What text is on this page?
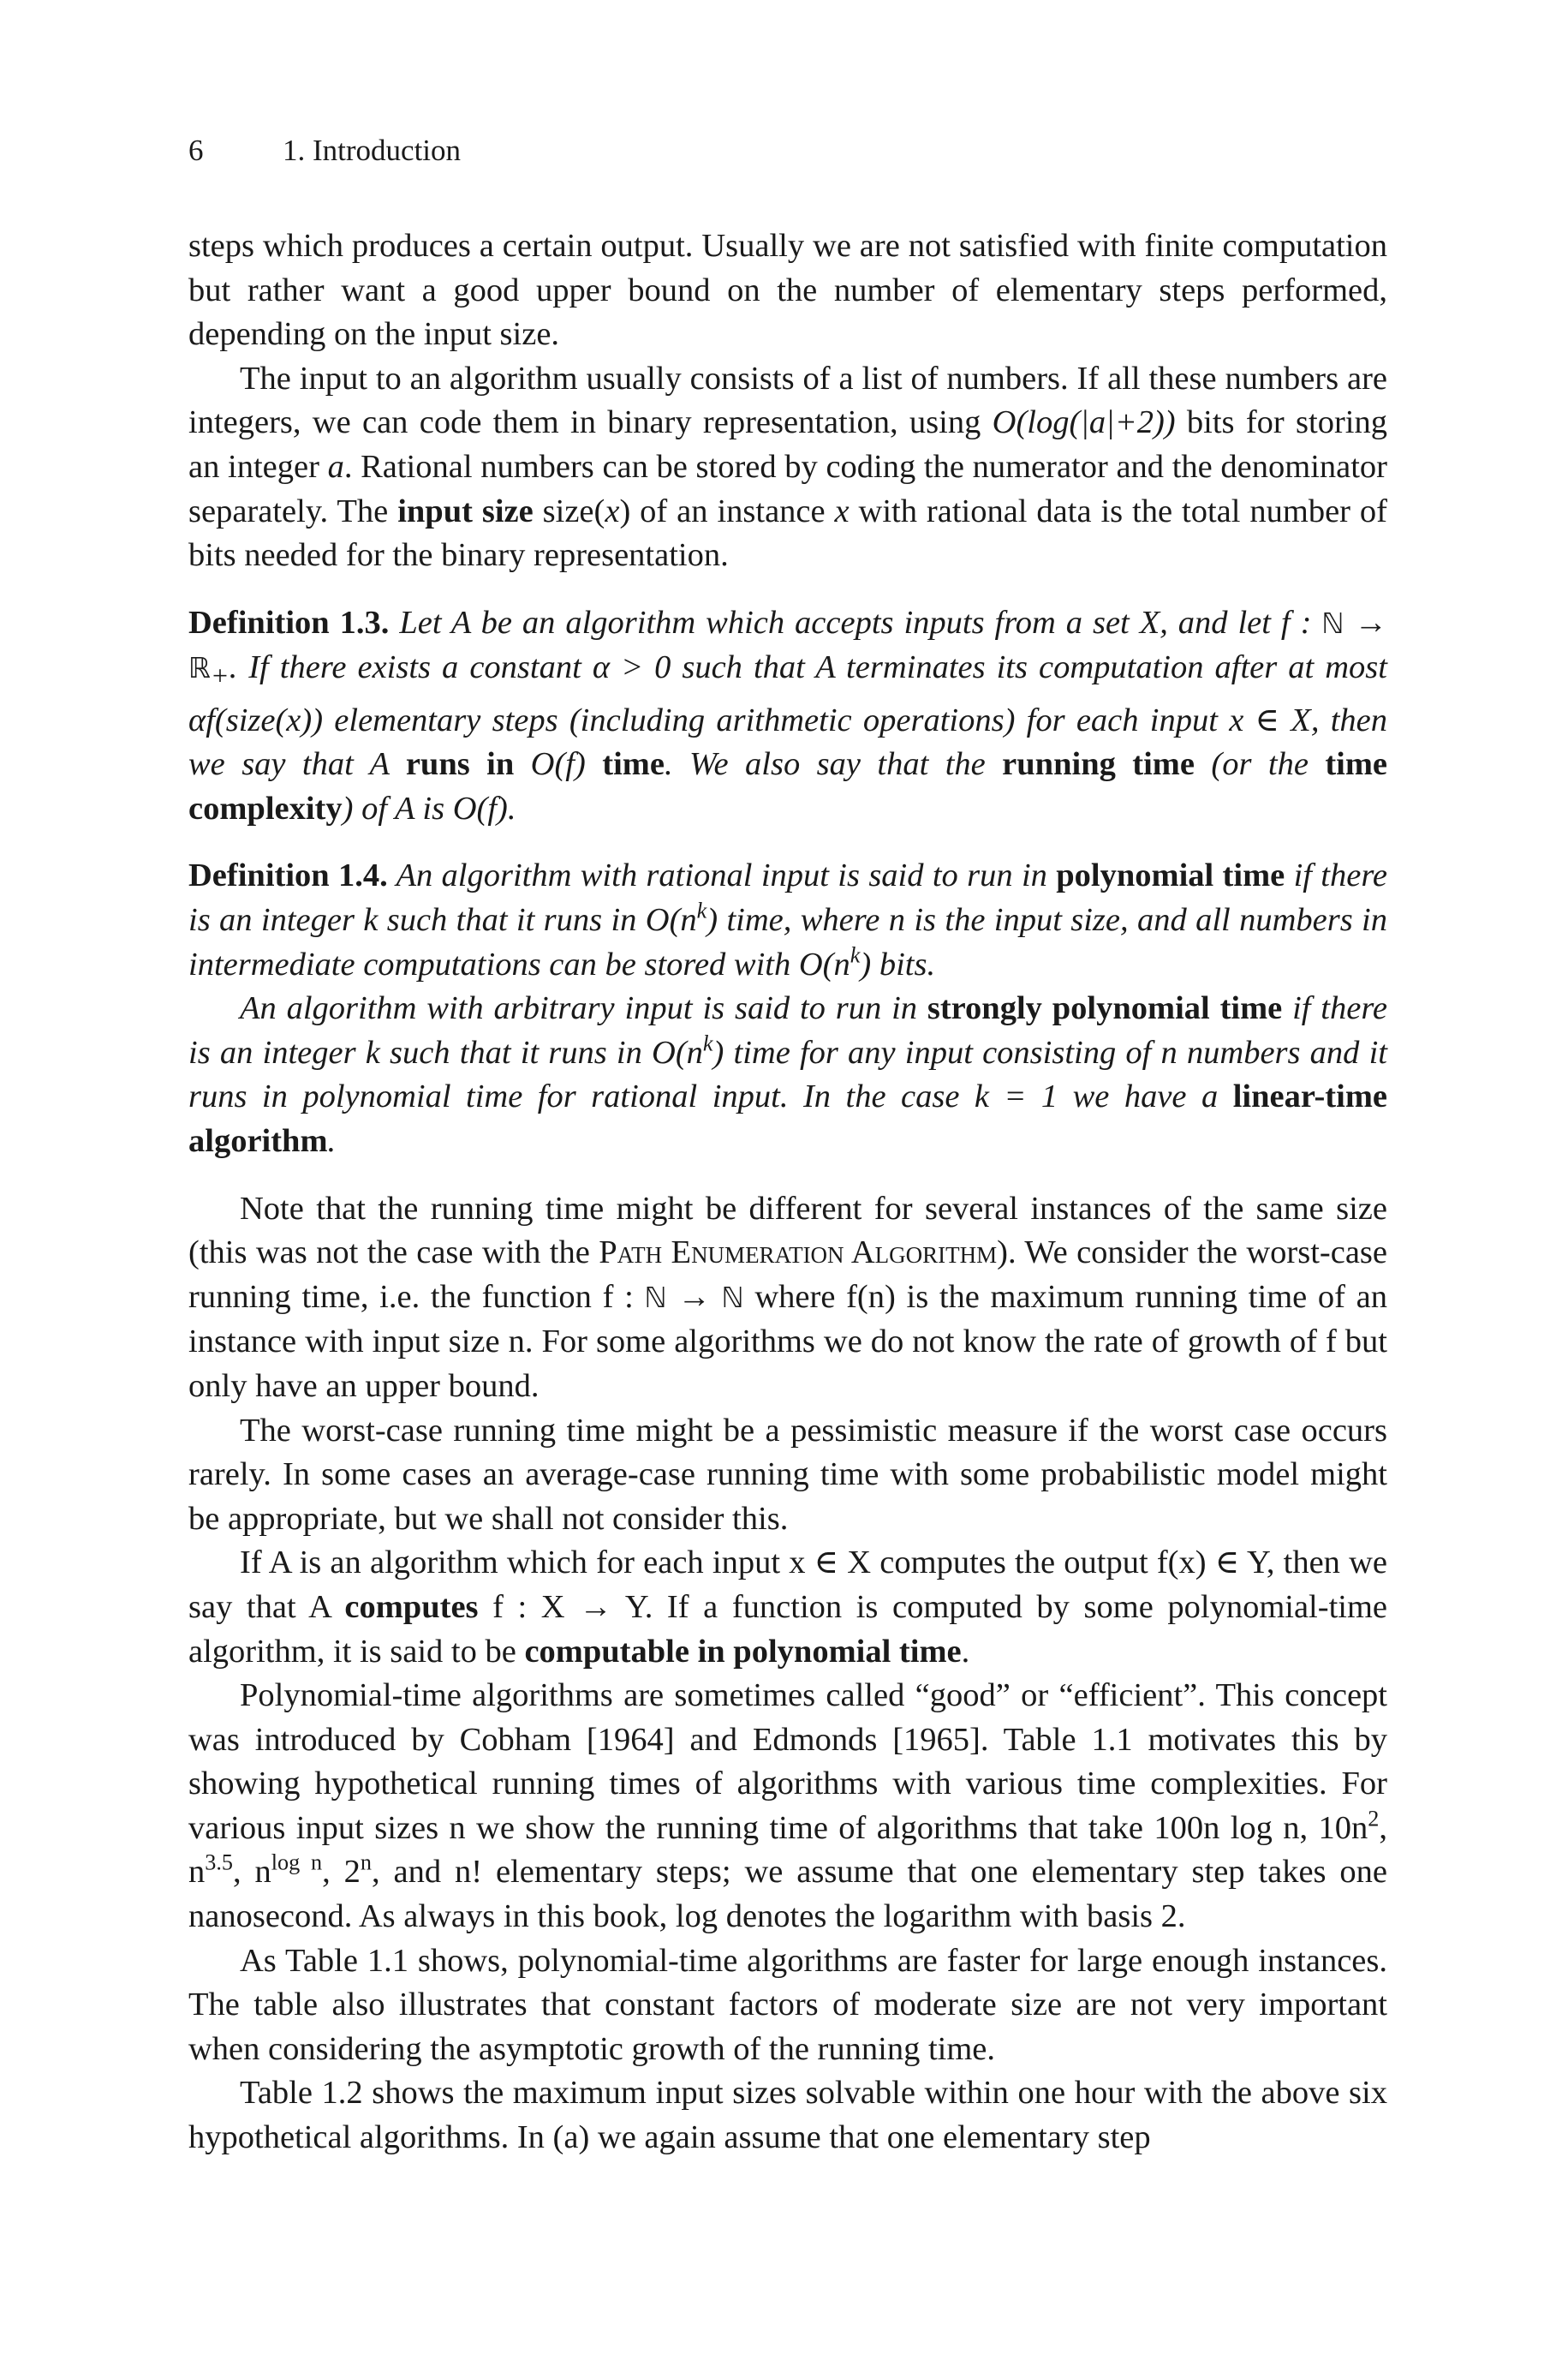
6	1. Introduction

steps which produces a certain output. Usually we are not satisfied with finite computation but rather want a good upper bound on the number of elementary steps performed, depending on the input size.

The input to an algorithm usually consists of a list of numbers. If all these numbers are integers, we can code them in binary representation, using O(log(|a|+2)) bits for storing an integer a. Rational numbers can be stored by coding the numerator and the denominator separately. The input size size(x) of an instance x with rational data is the total number of bits needed for the binary representation.

Definition 1.3. Let A be an algorithm which accepts inputs from a set X, and let f : ℕ → ℝ$_+$. If there exists a constant α > 0 such that A terminates its computation after at most αf(size(x)) elementary steps (including arithmetic operations) for each input x ∈ X, then we say that A runs in O(f) time. We also say that the running time (or the time complexity) of A is O(f).

Definition 1.4. An algorithm with rational input is said to run in polynomial time if there is an integer k such that it runs in $O(n^k)$ time, where n is the input size, and all numbers in intermediate computations can be stored with $O(n^k)$ bits.

An algorithm with arbitrary input is said to run in strongly polynomial time if there is an integer k such that it runs in $O(n^k)$ time for any input consisting of n numbers and it runs in polynomial time for rational input. In the case k = 1 we have a linear-time algorithm.

Note that the running time might be different for several instances of the same size (this was not the case with the Path Enumeration Algorithm). We consider the worst-case running time, i.e. the function f : ℕ → ℕ where f(n) is the maximum running time of an instance with input size n. For some algorithms we do not know the rate of growth of f but only have an upper bound.

The worst-case running time might be a pessimistic measure if the worst case occurs rarely. In some cases an average-case running time with some probabilistic model might be appropriate, but we shall not consider this.

If A is an algorithm which for each input x ∈ X computes the output f(x) ∈ Y, then we say that A computes f : X → Y. If a function is computed by some polynomial-time algorithm, it is said to be computable in polynomial time.

Polynomial-time algorithms are sometimes called “good” or “efficient”. This concept was introduced by Cobham [1964] and Edmonds [1965]. Table 1.1 motivates this by showing hypothetical running times of algorithms with various time complexities. For various input sizes n we show the running time of algorithms that take 100n log n, $10n^2$, $n^{3.5}$, $n^{log n}$, 2$^n$, and n! elementary steps; we assume that one elementary step takes one nanosecond. As always in this book, log denotes the logarithm with basis 2.

As Table 1.1 shows, polynomial-time algorithms are faster for large enough instances. The table also illustrates that constant factors of moderate size are not very important when considering the asymptotic growth of the running time.

Table 1.2 shows the maximum input sizes solvable within one hour with the above six hypothetical algorithms. In (a) we again assume that one elementary step
